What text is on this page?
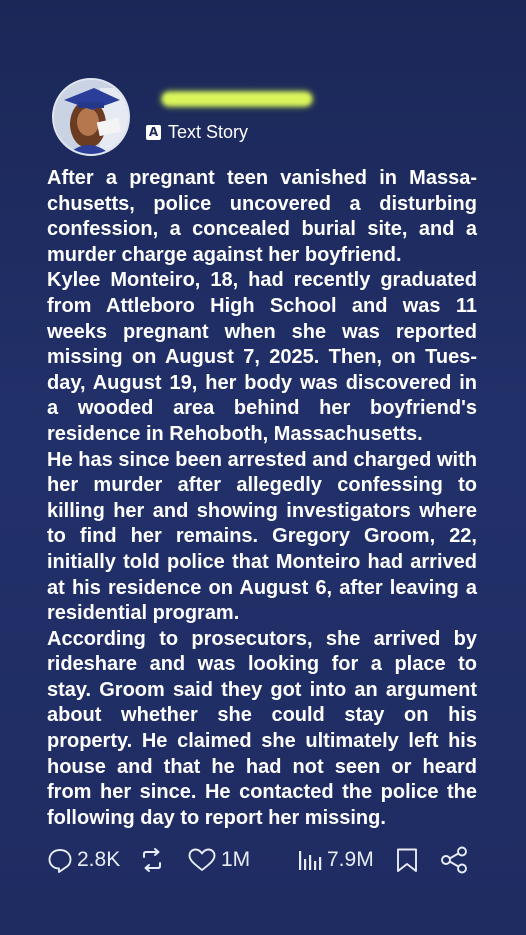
A Text Story

After a pregnant teen vanished in Massachusetts, police uncovered a disturbing confession, a concealed burial site, and a murder charge against her boyfriend.

Kylee Monteiro, 18, had recently graduated from Attleboro High School and was 11 weeks pregnant when she was reported missing on August 7, 2025. Then, on Tuesday, August 19, her body was discovered in a wooded area behind her boyfriend's residence in Rehoboth, Massachusetts.

He has since been arrested and charged with her murder after allegedly confessing to killing her and showing investigators where to find her remains. Gregory Groom, 22, initially told police that Monteiro had arrived at his residence on August 6, after leaving a residential program.

According to prosecutors, she arrived by rideshare and was looking for a place to stay. Groom said they got into an argument about whether she could stay on his property. He claimed she ultimately left his house and that he had not seen or heard from her since. He contacted the police the following day to report her missing.

2.8K	1M	7.9M
